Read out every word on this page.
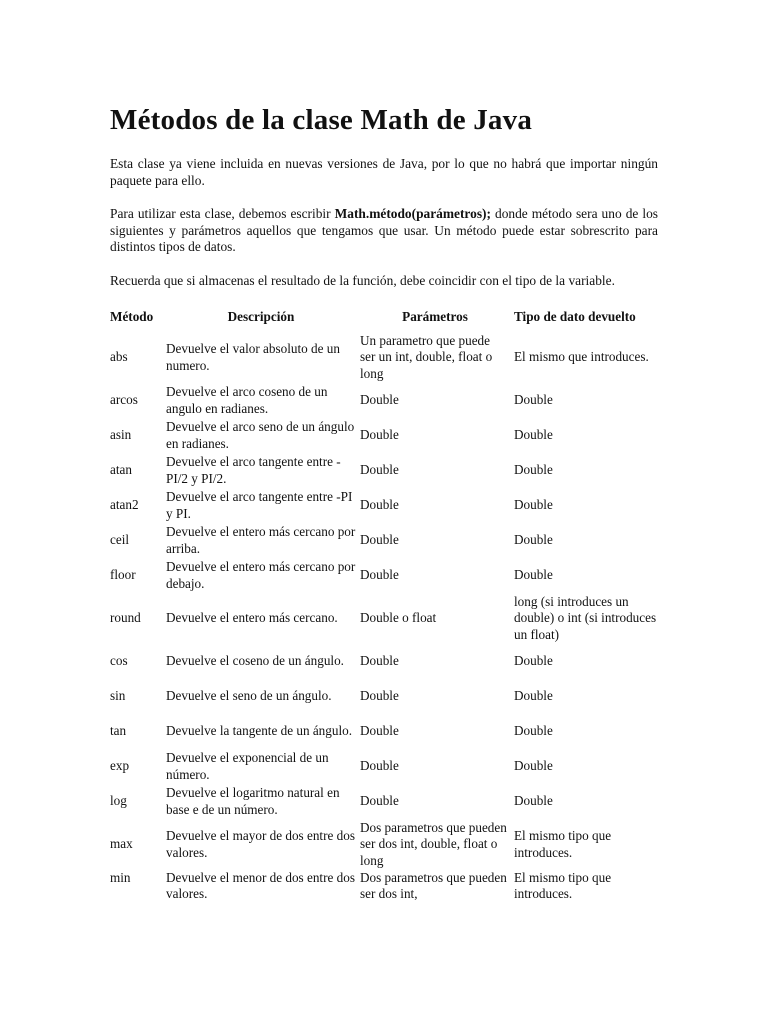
Métodos de la clase Math de Java

Esta clase ya viene incluida en nuevas versiones de Java, por lo que no habrá que importar ningún paquete para ello.

Para utilizar esta clase, debemos escribir Math.método(parámetros); donde método sera uno de los siguientes y parámetros aquellos que tengamos que usar. Un método puede estar sobrescrito para distintos tipos de datos.

Recuerda que si almacenas el resultado de la función, debe coincidir con el tipo de la variable.

Método	Descripción	Parámetros	Tipo de dato devuelto
abs	Devuelve el valor absoluto de un numero.	Un parametro que puede ser un int, double, float o long	El mismo que introduces.
arcos	Devuelve el arco coseno de un angulo en radianes.	Double	Double
asin	Devuelve el arco seno de un ángulo en radianes.	Double	Double
atan	Devuelve el arco tangente entre -PI/2 y PI/2.	Double	Double
atan2	Devuelve el arco tangente entre -PI y PI.	Double	Double
ceil	Devuelve el entero más cercano por arriba.	Double	Double
floor	Devuelve el entero más cercano por debajo.	Double	Double
round	Devuelve el entero más cercano.	Double o float	long (si introduces un double) o int (si introduces un float)
cos	Devuelve el coseno de un ángulo.	Double	Double
sin	Devuelve el seno de un ángulo.	Double	Double
tan	Devuelve la tangente de un ángulo.	Double	Double
exp	Devuelve el exponencial de un número.	Double	Double
log	Devuelve el logaritmo natural en base e de un número.	Double	Double
max	Devuelve el mayor de dos entre dos valores.	Dos parametros que pueden ser dos int, double, float o long	El mismo tipo que introduces.
min	Devuelve el menor de dos entre dos valores.	Dos parametros que pueden ser dos int,	El mismo tipo que introduces.
